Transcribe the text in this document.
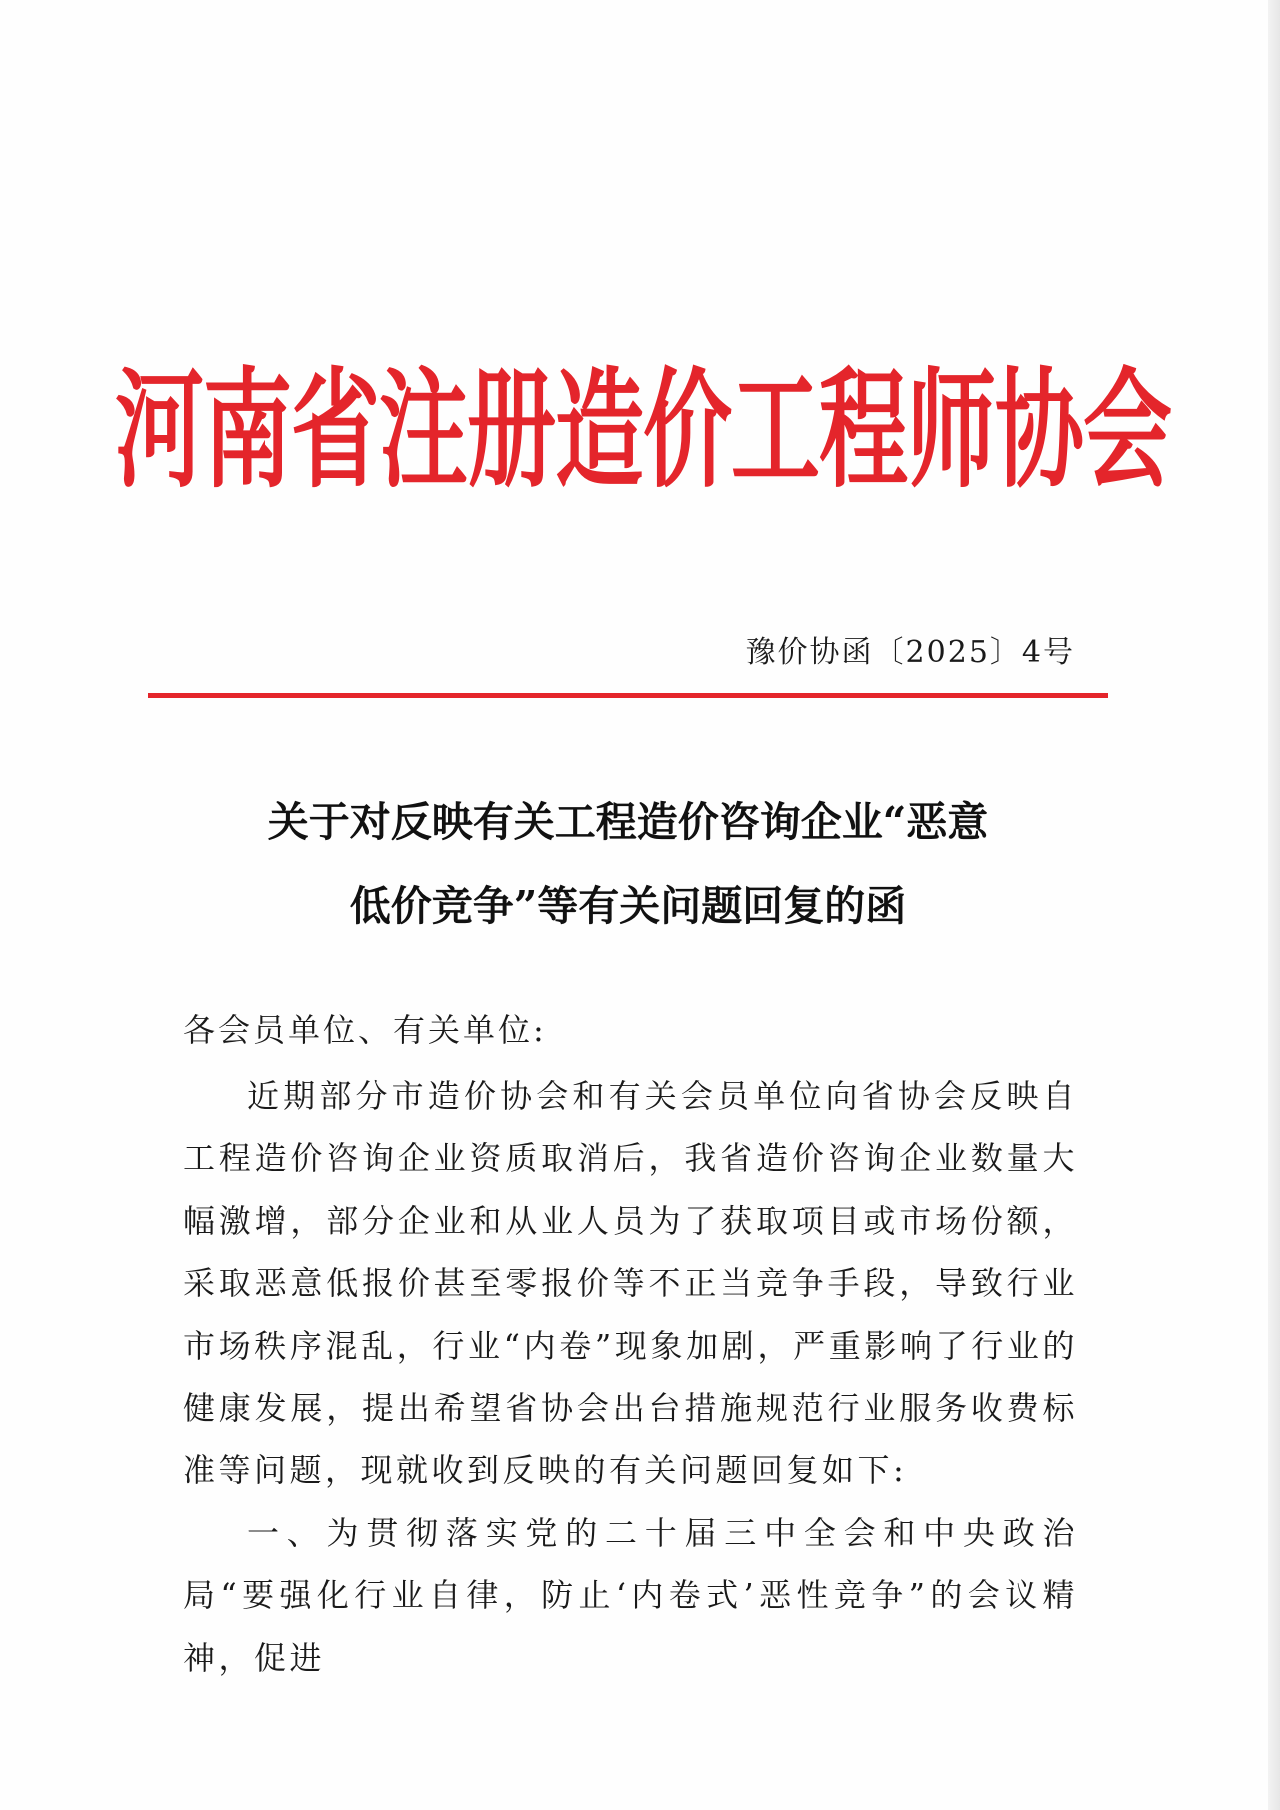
河南省注册造价工程师协会
豫价协函〔2025〕4号
关于对反映有关工程造价咨询企业“恶意
低价竞争”等有关问题回复的函
各会员单位、有关单位:

近期部分市造价协会和有关会员单位向省协会反映自工程造价咨询企业资质取消后，我省造价咨询企业数量大幅激增，部分企业和从业人员为了获取项目或市场份额，采取恶意低报价甚至零报价等不正当竞争手段，导致行业市场秩序混乱，行业“内卷”现象加剧，严重影响了行业的健康发展，提出希望省协会出台措施规范行业服务收费标准等问题，现就收到反映的有关问题回复如下:

一、为贯彻落实党的二十届三中全会和中央政治局“要强化行业自律，防止‘内卷式’恶性竞争”的会议精神，促进
